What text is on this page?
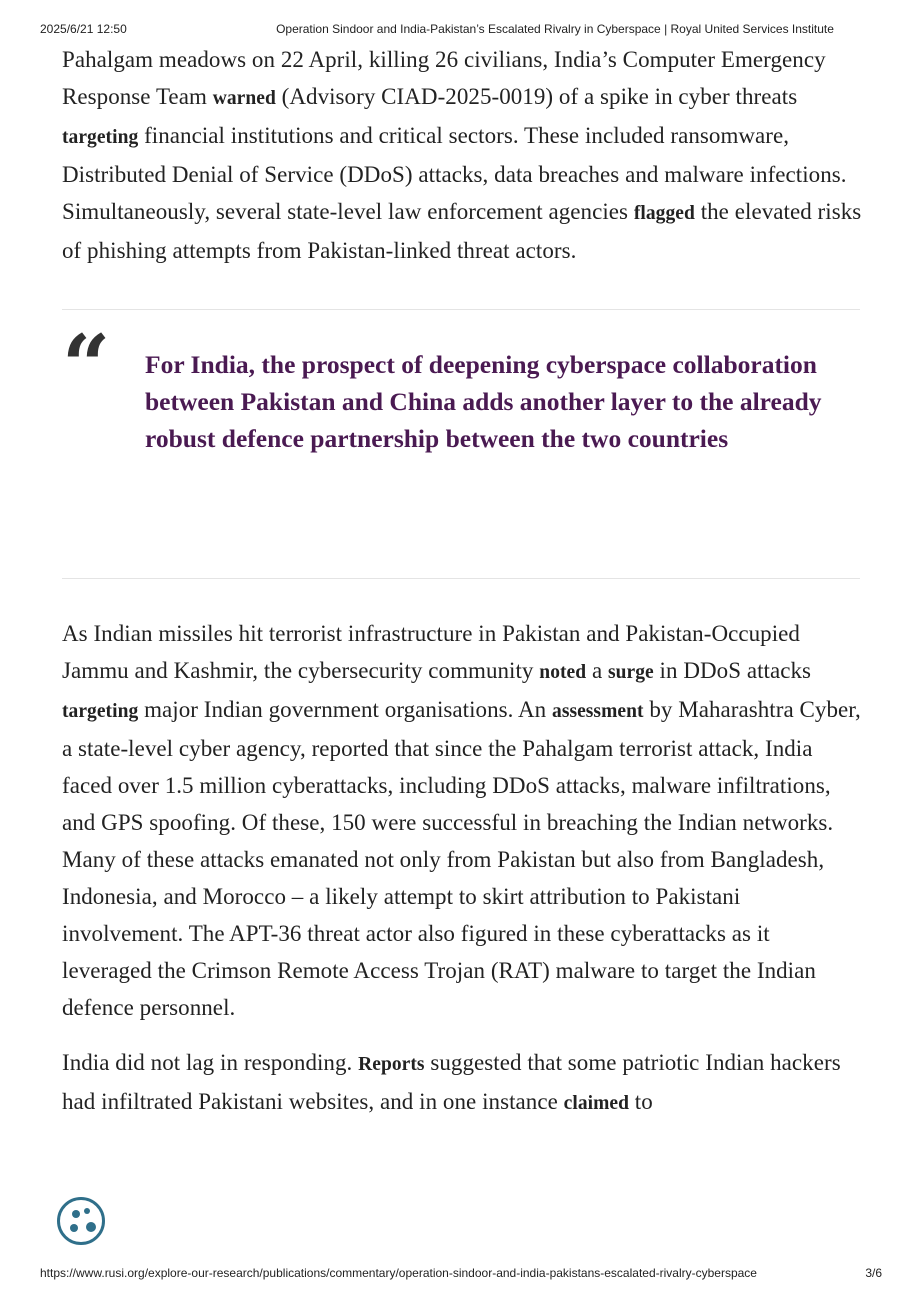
2025/6/21 12:50	Operation Sindoor and India-Pakistan’s Escalated Rivalry in Cyberspace | Royal United Services Institute

Pahalgam meadows on 22 April, killing 26 civilians, India’s Computer Emergency Response Team warned (Advisory CIAD-2025-0019) of a spike in cyber threats targeting financial institutions and critical sectors. These included ransomware, Distributed Denial of Service (DDoS) attacks, data breaches and malware infections. Simultaneously, several state-level law enforcement agencies flagged the elevated risks of phishing attempts from Pakistan-linked threat actors.

“ For India, the prospect of deepening cyberspace collaboration between Pakistan and China adds another layer to the already robust defence partnership between the two countries

As Indian missiles hit terrorist infrastructure in Pakistan and Pakistan-Occupied Jammu and Kashmir, the cybersecurity community noted a surge in DDoS attacks targeting major Indian government organisations. An assessment by Maharashtra Cyber, a state-level cyber agency, reported that since the Pahalgam terrorist attack, India faced over 1.5 million cyberattacks, including DDoS attacks, malware infiltrations, and GPS spoofing. Of these, 150 were successful in breaching the Indian networks. Many of these attacks emanated not only from Pakistan but also from Bangladesh, Indonesia, and Morocco – a likely attempt to skirt attribution to Pakistani involvement. The APT-36 threat actor also figured in these cyberattacks as it leveraged the Crimson Remote Access Trojan (RAT) malware to target the Indian defence personnel.

India did not lag in responding. Reports suggested that some patriotic Indian hackers had infiltrated Pakistani websites, and in one instance claimed to

https://www.rusi.org/explore-our-research/publications/commentary/operation-sindoor-and-india-pakistans-escalated-rivalry-cyberspace	3/6
